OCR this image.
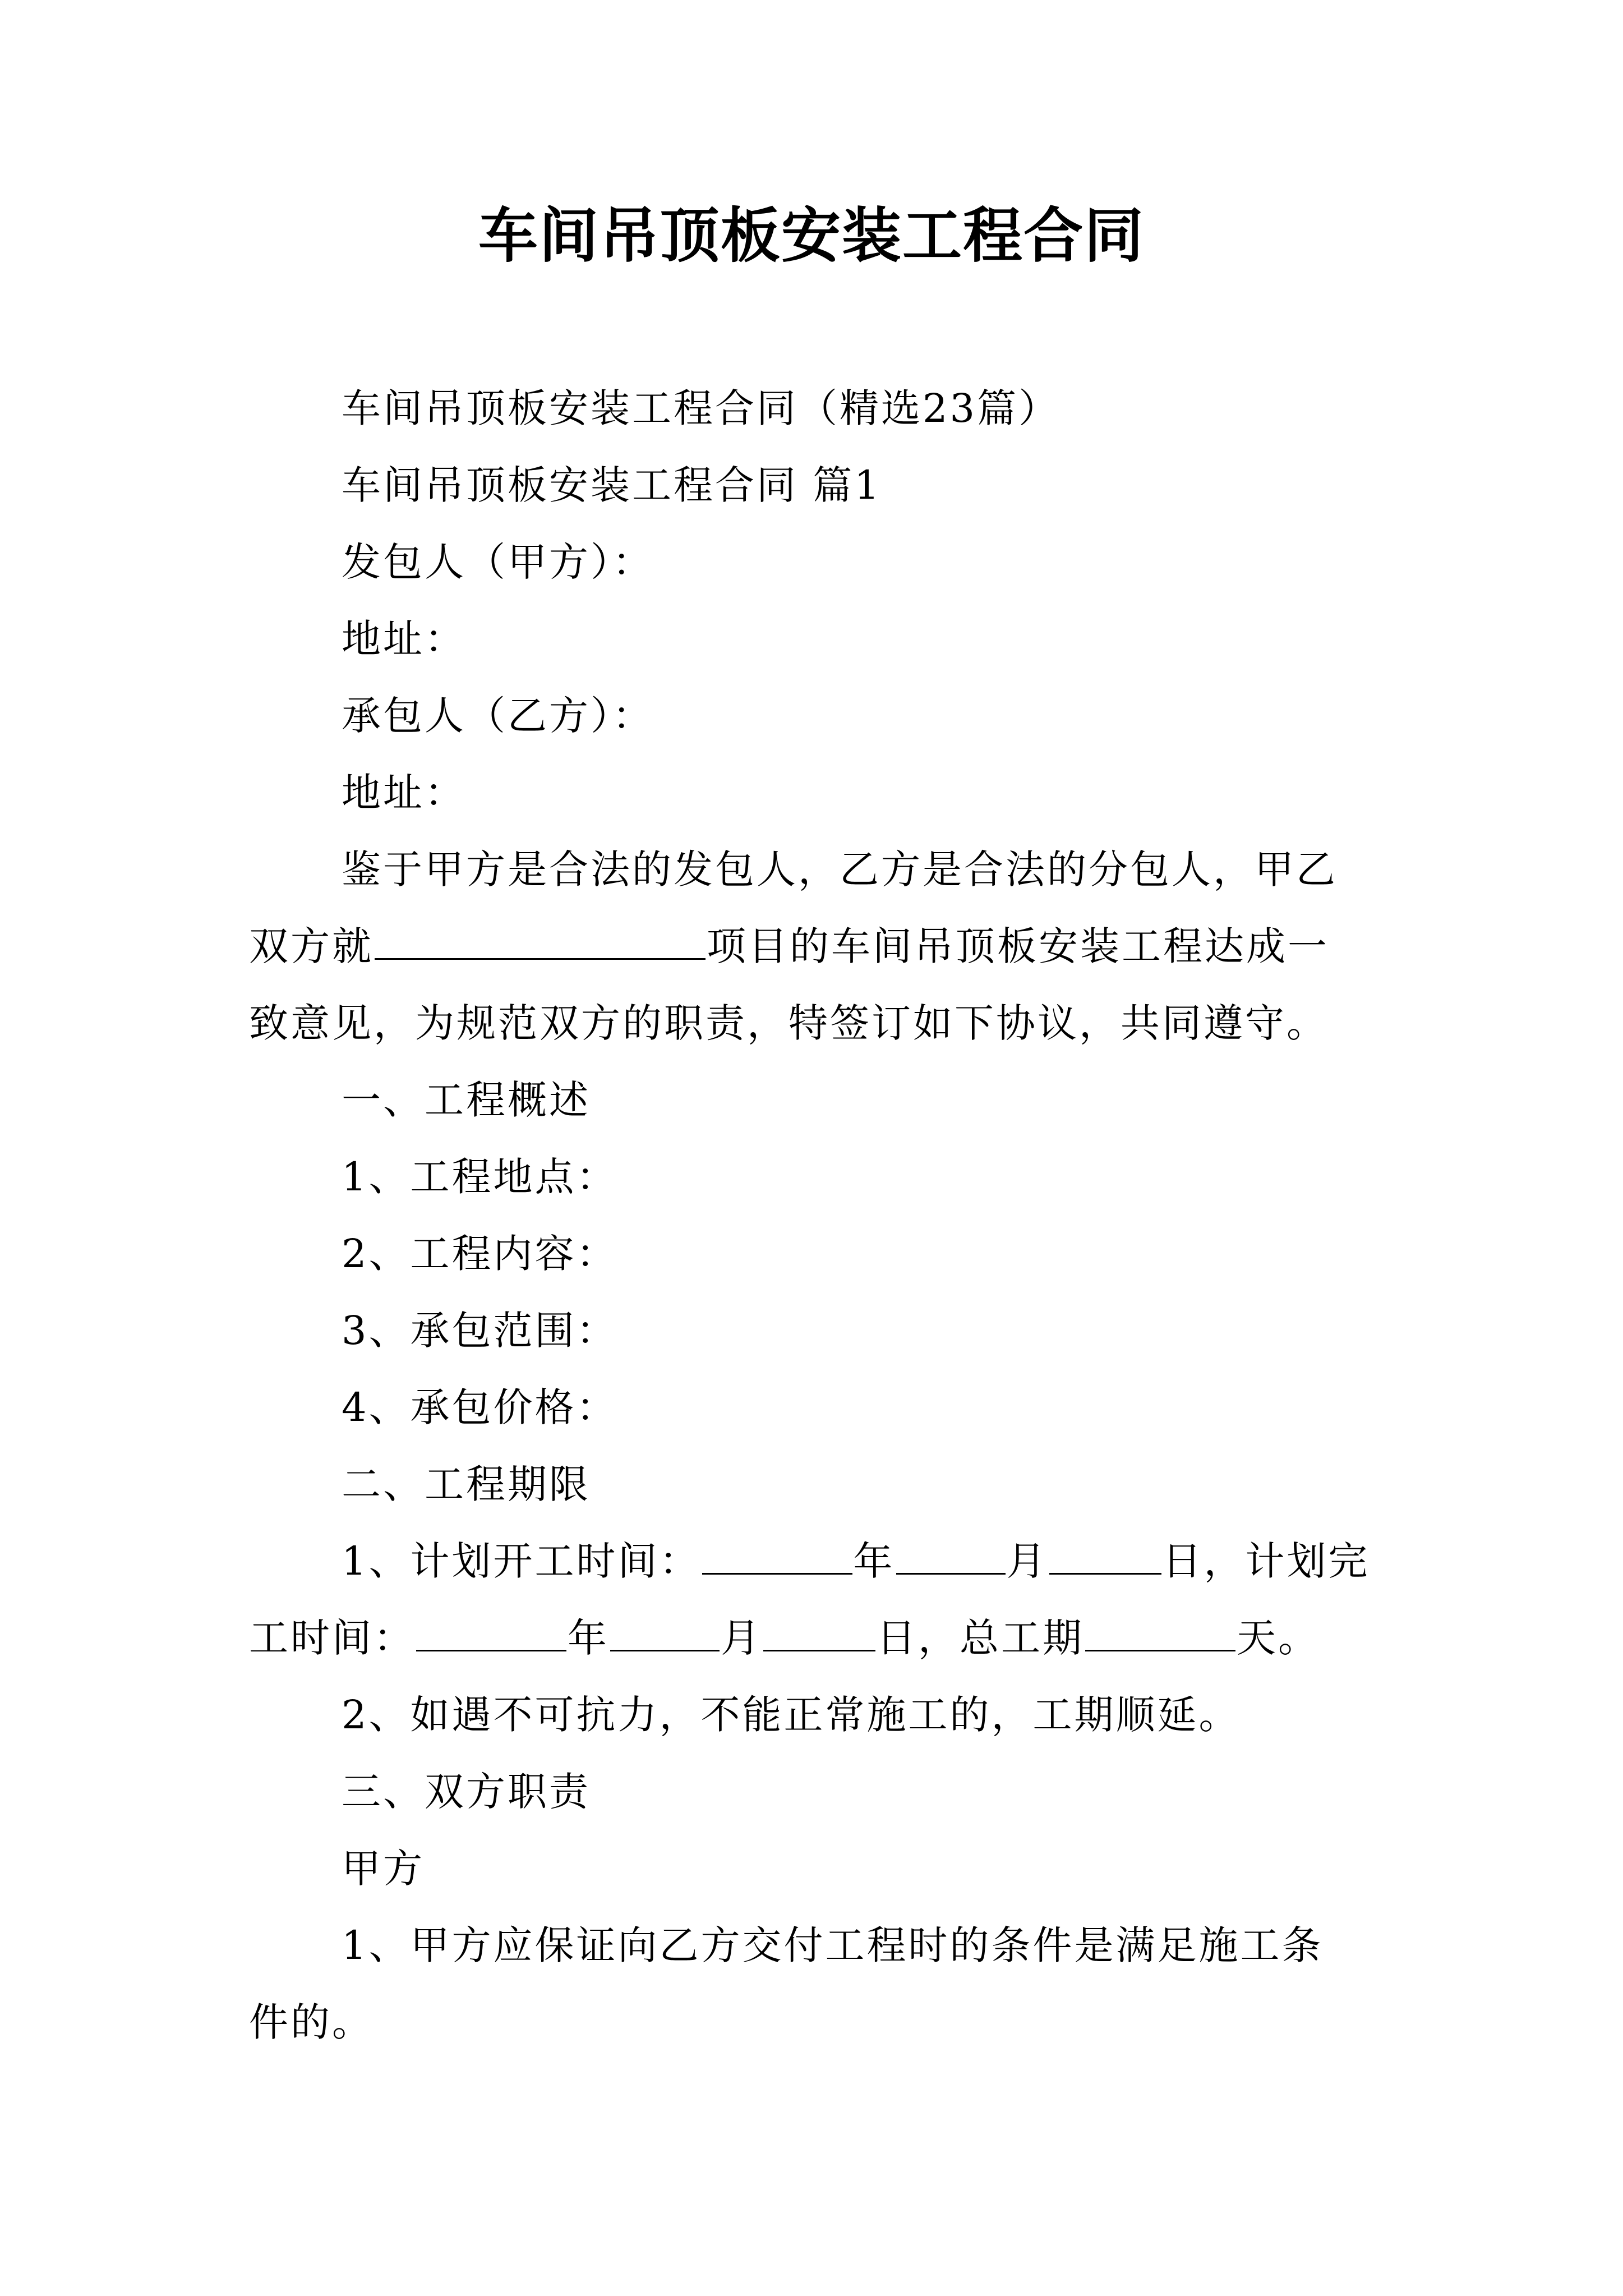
车间吊顶板安装工程合同
车间吊顶板安装工程合同（精选23篇）
车间吊顶板安装工程合同 篇1
发包人（甲方）：
地址：
承包人（乙方）：
地址：
鉴于甲方是合法的发包人，乙方是合法的分包人，甲乙
双方就	项目的车间吊顶板安装工程达成一
致意见，为规范双方的职责，特签订如下协议，共同遵守。
一、工程概述
1、工程地点：
2、工程内容：
3、承包范围：
4、承包价格：
二、工程期限
1、计划开工时间：	年	月	日，计划完
工时间：	年	月	日，总工期	天。
2、如遇不可抗力，不能正常施工的，工期顺延。
三、双方职责
甲方
1、甲方应保证向乙方交付工程时的条件是满足施工条
件的。
